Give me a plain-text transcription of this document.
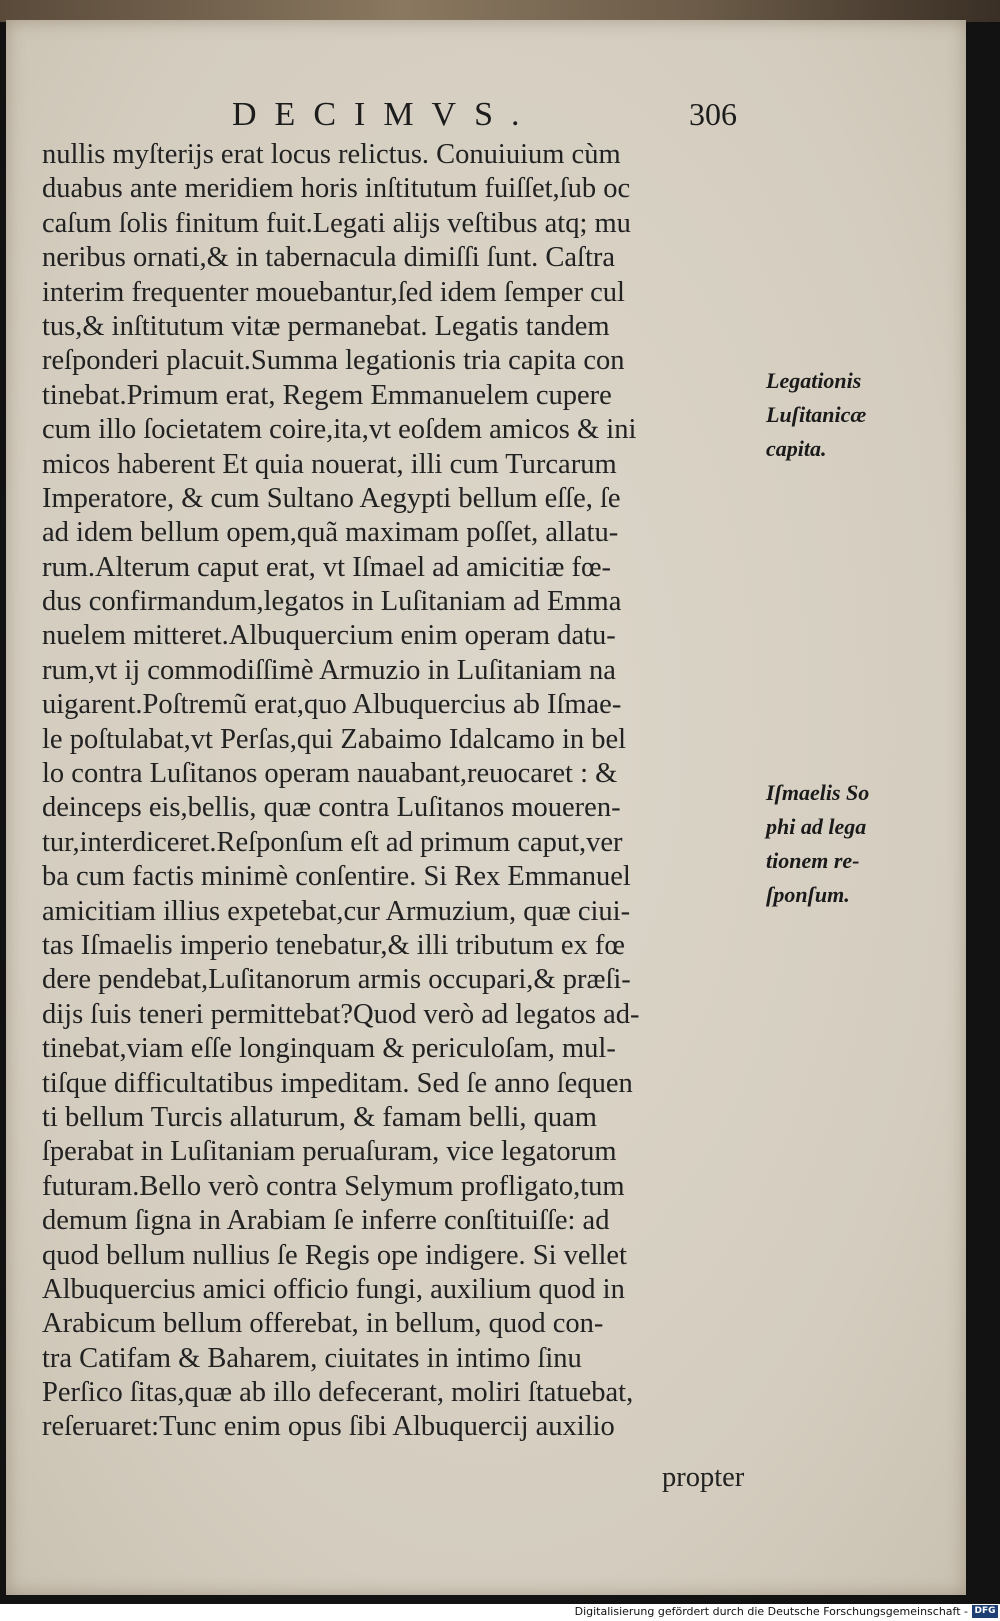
DECIMVS.	306
nullis myſterijs erat locus relictus. Conuiuium cùm
duabus ante meridiem horis inſtitutum fuiſſet,ſub oc
caſum ſolis finitum fuit.Legati alijs veſtibus atq; mu
neribus ornati,& in tabernacula dimiſſi ſunt. Caſtra
interim frequenter mouebantur,ſed idem ſemper cul
tus,& inſtitutum vitæ permanebat. Legatis tandem
reſponderi placuit.Summa legationis tria capita con
tinebat.Primum erat, Regem Emmanuelem cupere
cum illo ſocietatem coire,ita,vt eoſdem amicos & ini
micos haberent Et quia nouerat, illi cum Turcarum
Imperatore, & cum Sultano Aegypti bellum eſſe, ſe
ad idem bellum opem,quã maximam poſſet, allatu-
rum.Alterum caput erat, vt Iſmael ad amicitiæ fœ-
dus confirmandum,legatos in Luſitaniam ad Emma
nuelem mitteret.Albuquercium enim operam datu-
rum,vt ij commodiſſimè Armuzio in Luſitaniam na
uigarent.Poſtremũ erat,quo Albuquercius ab Iſmae-
le poſtulabat,vt Perſas,qui Zabaimo Idalcamo in bel
lo contra Luſitanos operam nauabant,reuocaret : &
deinceps eis,bellis, quæ contra Luſitanos moueren-
tur,interdiceret.Reſponſum eſt ad primum caput,ver
ba cum factis minimè conſentire. Si Rex Emmanuel
amicitiam illius expetebat,cur Armuzium, quæ ciui-
tas Iſmaelis imperio tenebatur,& illi tributum ex fœ
dere pendebat,Luſitanorum armis occupari,& præſi-
dijs ſuis teneri permittebat?Quod verò ad legatos ad-
tinebat,viam eſſe longinquam & periculoſam, mul-
tiſque difficultatibus impeditam. Sed ſe anno ſequen
ti bellum Turcis allaturum, & famam belli, quam
ſperabat in Luſitaniam peruaſuram, vice legatorum
futuram.Bello verò contra Selymum profligato,tum
demum ſigna in Arabiam ſe inferre conſtituiſſe: ad
quod bellum nullius ſe Regis ope indigere. Si vellet
Albuquercius amici officio fungi, auxilium quod in
Arabicum bellum offerebat, in bellum, quod con-
tra Catifam & Baharem, ciuitates in intimo ſinu
Perſico ſitas,quæ ab illo defecerant, moliri ſtatuebat,
reſeruaret:Tunc enim opus ſibi Albuquercij auxilio
propter
Legationis
Luſitanicæ
capita.
Iſmaelis So
phi ad lega
tionem re-
ſponſum.
Digitalisierung gefördert durch die Deutsche Forschungsgemeinschaft - DFG
